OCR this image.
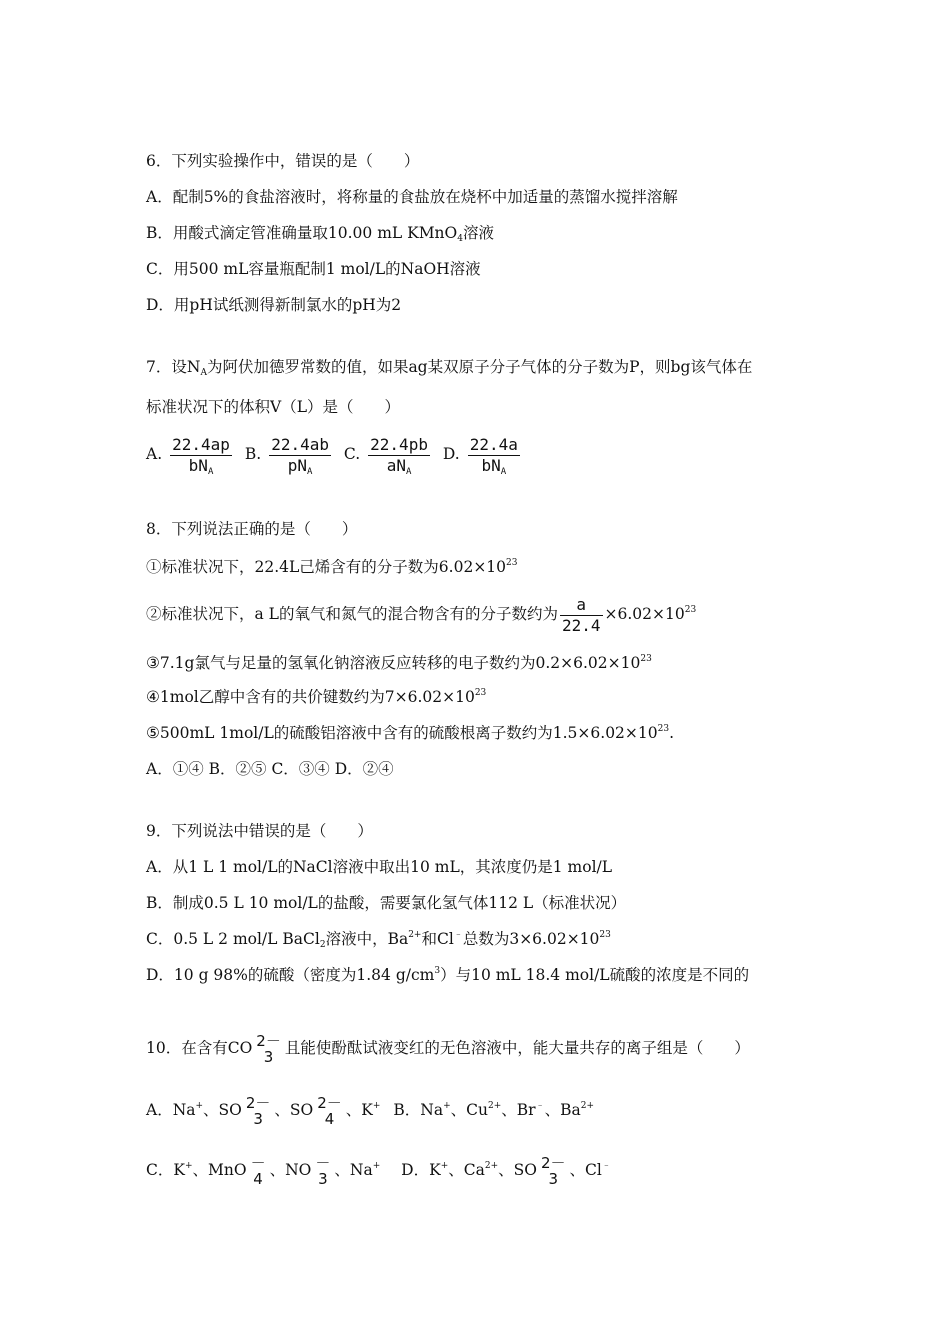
6．下列实验操作中，错误的是（　　）
A．配制5%的食盐溶液时，将称量的食盐放在烧杯中加适量的蒸馏水搅拌溶解
B．用酸式滴定管准确量取10.00 mL KMnO$_4$溶液
C．用500 mL容量瓶配制1 mol/L的NaOH溶液
D．用pH试纸测得新制氯水的pH为2
7．设$N_A$为阿伏加德罗常数的值，如果ag某双原子分子气体的分子数为P，则bg该气体在
标准状况下的体积V（L）是（　　）
A. $\frac{22.4ap}{bN_A} B$. $\frac{22.4ab}{pN_A} C$. $\frac{22.4pb}{aN_A} D$. $\frac{22.4a}{bN_A}$
8．下列说法正确的是（　　）
①标准状况下，22.4L己烯含有的分子数为$6.02\times 10^{23}$
②标准状况下，a L的氧气和氮气的混合物含有的分子数约为 $\frac{a}{22.4} \times 6.02\times 10^{23}$
③7.1g氯气与足量的氢氧化钠溶液反应转移的电子数约为$0.2\times 6.02\times 10^{23}$
④1mol乙醇中含有的共价键数约为$7\times 6.02\times 10^{23}$
⑤500mL 1mol/L的硫酸铝溶液中含有的硫酸根离子数约为$1.5\times 6.02\times 10^{23}$.
A．①④ B．②⑤ C．③④ D．②④
9．下列说法中错误的是（　　）
A．从1 L 1 mol/L的NaCl溶液中取出10 mL，其浓度仍是1 mol/L
B．制成0.5 L 10 mol/L的盐酸，需要氯化氢气体112 L（标准状况）
C．0.5 L 2 mol/L BaCl$_2$溶液中，$Ba^{2+}$和Cl﹣总数为$3\times 6.02\times 10^{23}$
D．10 g 98%的硫酸（密度为1.84 $g/cm^3$）与10 mL 18.4 mol/L硫酸的浓度是不同的
10．在含有CO 2－
3 且能使酚酞试液变红的无色溶液中，能大量共存的离子组是（　　）
A．Na+、SO 2－
3 、SO 2－
4 、K+ B．Na+、$Cu^{2+}$、Br﹣、$Ba^{2+}$
C．K+、MnO －
4 、NO －
3 、Na+ D．K+、$Ca^{2+}$、SO 2－
3 、Cl﹣
